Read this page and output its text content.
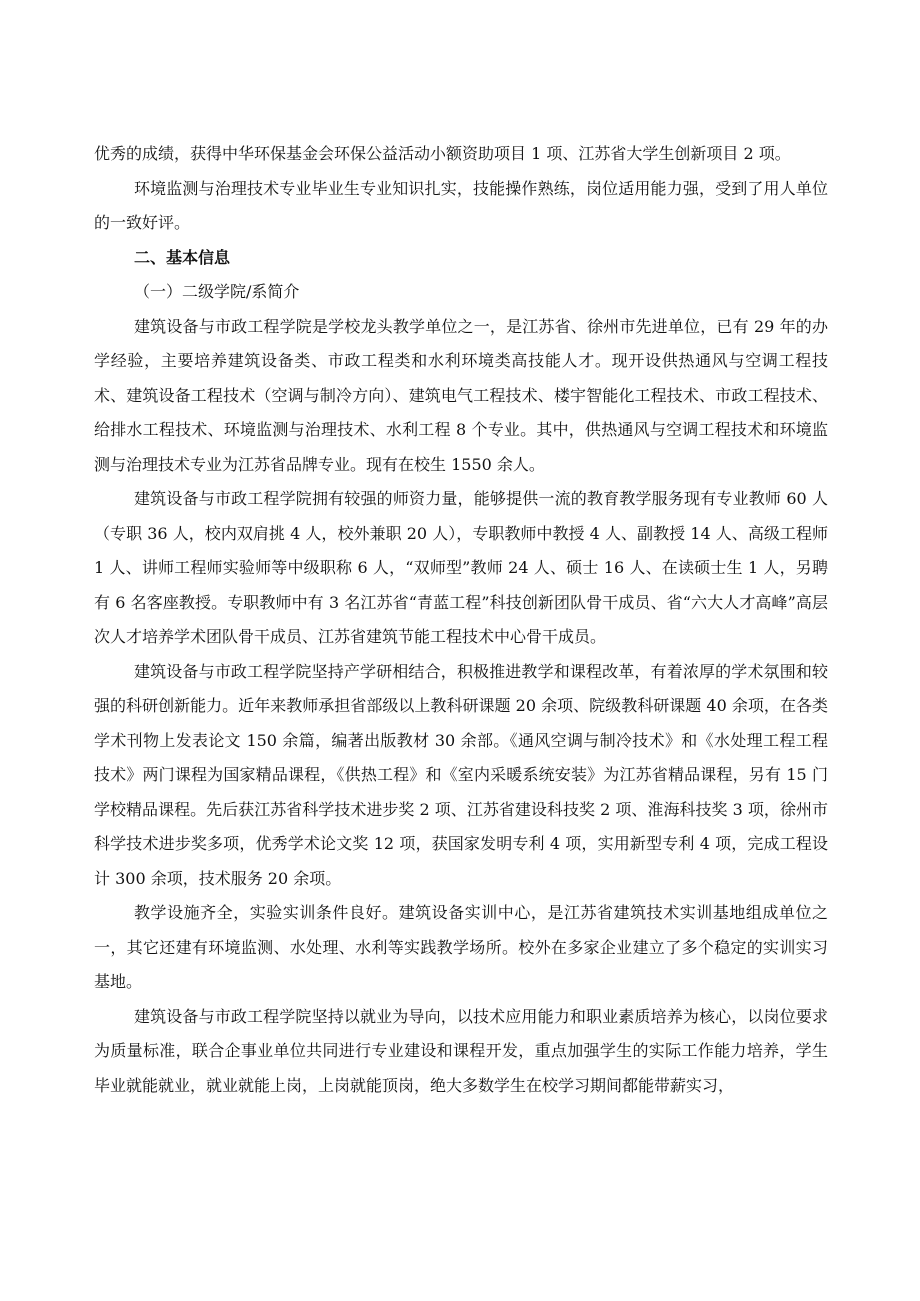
优秀的成绩，获得中华环保基金会环保公益活动小额资助项目 1 项、江苏省大学生创新项目 2 项。

环境监测与治理技术专业毕业生专业知识扎实，技能操作熟练，岗位适用能力强，受到了用人单位的一致好评。

二、基本信息

（一）二级学院/系简介

建筑设备与市政工程学院是学校龙头教学单位之一，是江苏省、徐州市先进单位，已有 29 年的办学经验，主要培养建筑设备类、市政工程类和水利环境类高技能人才。现开设供热通风与空调工程技术、建筑设备工程技术（空调与制冷方向）、建筑电气工程技术、楼宇智能化工程技术、市政工程技术、给排水工程技术、环境监测与治理技术、水利工程 8 个专业。其中，供热通风与空调工程技术和环境监测与治理技术专业为江苏省品牌专业。现有在校生 1550 余人。

建筑设备与市政工程学院拥有较强的师资力量，能够提供一流的教育教学服务现有专业教师 60 人（专职 36 人，校内双肩挑 4 人，校外兼职 20 人），专职教师中教授 4 人、副教授 14 人、高级工程师 1 人、讲师工程师实验师等中级职称 6 人，“双师型”教师 24 人、硕士 16 人、在读硕士生 1 人，另聘有 6 名客座教授。专职教师中有 3 名江苏省“青蓝工程”科技创新团队骨干成员、省“六大人才高峰”高层次人才培养学术团队骨干成员、江苏省建筑节能工程技术中心骨干成员。

建筑设备与市政工程学院坚持产学研相结合，积极推进教学和课程改革，有着浓厚的学术氛围和较强的科研创新能力。近年来教师承担省部级以上教科研课题 20 余项、院级教科研课题 40 余项，在各类学术刊物上发表论文 150 余篇，编著出版教材 30 余部。《通风空调与制冷技术》和《水处理工程工程技术》两门课程为国家精品课程，《供热工程》和《室内采暖系统安装》为江苏省精品课程，另有 15 门学校精品课程。先后获江苏省科学技术进步奖 2 项、江苏省建设科技奖 2 项、淮海科技奖 3 项，徐州市科学技术进步奖多项，优秀学术论文奖 12 项，获国家发明专利 4 项，实用新型专利 4 项，完成工程设计 300 余项，技术服务 20 余项。

教学设施齐全，实验实训条件良好。建筑设备实训中心，是江苏省建筑技术实训基地组成单位之一，其它还建有环境监测、水处理、水利等实践教学场所。校外在多家企业建立了多个稳定的实训实习基地。

建筑设备与市政工程学院坚持以就业为导向，以技术应用能力和职业素质培养为核心，以岗位要求为质量标准，联合企事业单位共同进行专业建设和课程开发，重点加强学生的实际工作能力培养，学生毕业就能就业，就业就能上岗，上岗就能顶岗，绝大多数学生在校学习期间都能带薪实习，
